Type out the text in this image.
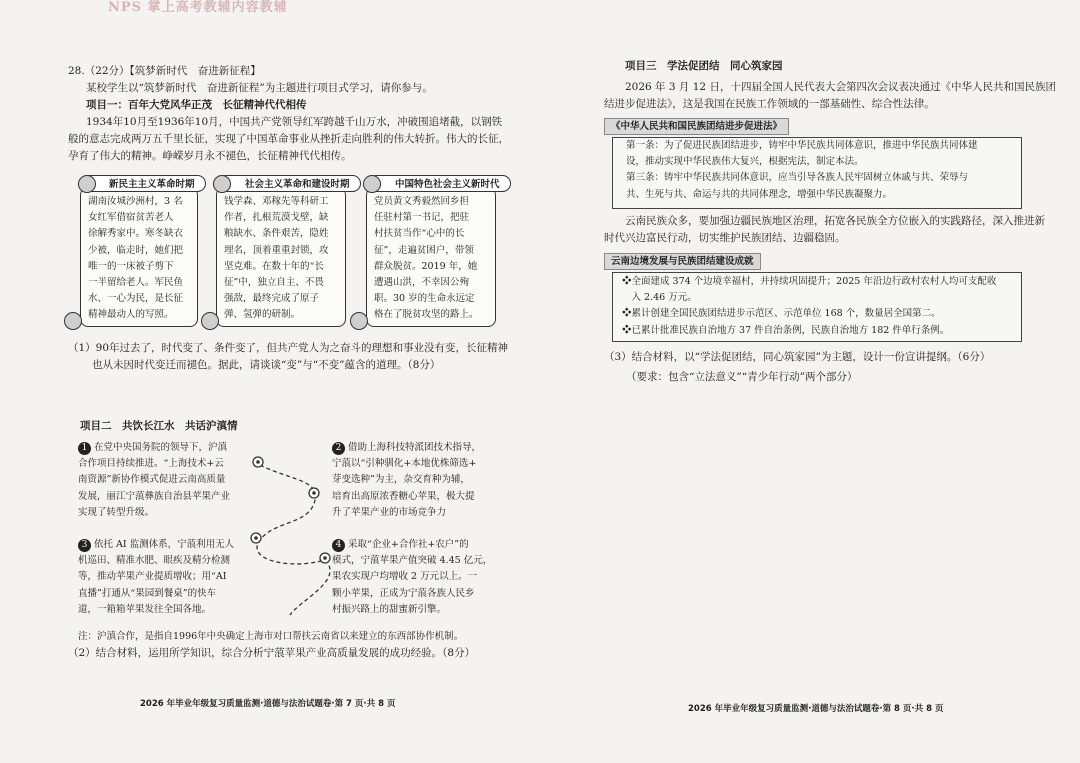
NPS 掌上高考教辅内容教辅
28.（22分）【筑梦新时代　奋进新征程】
某校学生以“筑梦新时代　奋进新征程”为主题进行项目式学习，请你参与。
项目一：百年大党风华正茂　长征精神代代相传
1934年10月至1936年10月，中国共产党领导红军跨越千山万水，冲破围追堵截，以钢铁
般的意志完成两万五千里长征，实现了中国革命事业从挫折走向胜利的伟大转折。伟大的长征，
孕育了伟大的精神。峥嵘岁月永不褪色，长征精神代代相传。
新民主主义革命时期
湖南汝城沙洲村，3 名
女红军借宿贫苦老人
徐解秀家中。寒冬缺衣
少被，临走时，她们把
唯一的一床被子剪下
一半留给老人。军民鱼
水、一心为民，是长征
精神最动人的写照。
社会主义革命和建设时期
钱学森、邓稼先等科研工
作者，扎根荒漠戈壁，缺
粮缺水、条件艰苦，隐姓
埋名，顶着重重封锁，攻
坚克难。在数十年的“长
征”中，独立自主、不畏
强敌，最终完成了原子
弹、氢弹的研制。
中国特色社会主义新时代
党员黄文秀毅然回乡担
任驻村第一书记，把驻
村扶贫当作“心中的长
征”，走遍贫困户，带领
群众脱贫。2019 年，她
遭遇山洪，不幸因公殉
职。30 岁的生命永远定
格在了脱贫攻坚的路上。
（1）90年过去了，时代变了、条件变了，但共产党人为之奋斗的理想和事业没有变，长征精神
也从未因时代变迁而褪色。据此，请谈谈“变”与“不变”蕴含的道理。（8分）
项目二　共饮长江水　共话沪滇情
1 在党中央国务院的领导下，沪滇
合作项目持续推进。“上海技术+云
南资源”新协作模式促进云南高质量
发展，丽江宁蒗彝族自治县苹果产业
实现了转型升级。
2 借助上海科技特派团技术指导，
宁蒗以“引种驯化+本地优株筛选+
芽变选种”为主，杂交育种为辅，
培育出高原浓香糖心苹果，极大提
升了苹果产业的市场竞争力
3 依托 AI 监测体系，宁蒗利用无人
机巡田、精准水肥、眼疾及精分检测
等，推动苹果产业提质增收；用“AI
直播”打通从“果园到餐桌”的快车
道，一箱箱苹果发往全国各地。
4 采取“企业+合作社+农户”的
模式，宁蒗苹果产值突破 4.45 亿元，
果农实现户均增收 2 万元以上。一
颗小苹果，正成为宁蒗各族人民乡
村振兴路上的甜蜜新引擎。
注：沪滇合作，是指自1996年中央确定上海市对口帮扶云南省以来建立的东西部协作机制。
（2）结合材料，运用所学知识，综合分析宁蒗苹果产业高质量发展的成功经验。（8分）
2026 年毕业年级复习质量监测·道德与法治试题卷·第 7 页·共 8 页
项目三　学法促团结　同心筑家园
2026 年 3 月 12 日，十四届全国人民代表大会第四次会议表决通过《中华人民共和国民族团
结进步促进法》，这是我国在民族工作领域的一部基础性、综合性法律。
《中华人民共和国民族团结进步促进法》
第一条：为了促进民族团结进步，铸牢中华民族共同体意识，推进中华民族共同体建
设，推动实现中华民族伟大复兴，根据宪法，制定本法。
第三条：铸牢中华民族共同体意识，应当引导各族人民牢固树立休戚与共、荣辱与
共、生死与共、命运与共的共同体理念，增强中华民族凝聚力。
云南民族众多，要加强边疆民族地区治理，拓宽各民族全方位嵌入的实践路径，深入推进新
时代兴边富民行动，切实维护民族团结、边疆稳固。
云南边境发展与民族团结建设成就
❖全面建成 374 个边境幸福村，并持续巩固提升；2025 年沿边行政村农村人均可支配收
　入 2.46 万元。
❖累计创建全国民族团结进步示范区、示范单位 168 个，数量居全国第二。
❖已累计批准民族自治地方 37 件自治条例，民族自治地方 182 件单行条例。
（3）结合材料，以“学法促团结，同心筑家园”为主题，设计一份宣讲提纲。（6分）
（要求：包含“立法意义”“青少年行动”两个部分）
2026 年毕业年级复习质量监测·道德与法治试题卷·第 8 页·共 8 页
